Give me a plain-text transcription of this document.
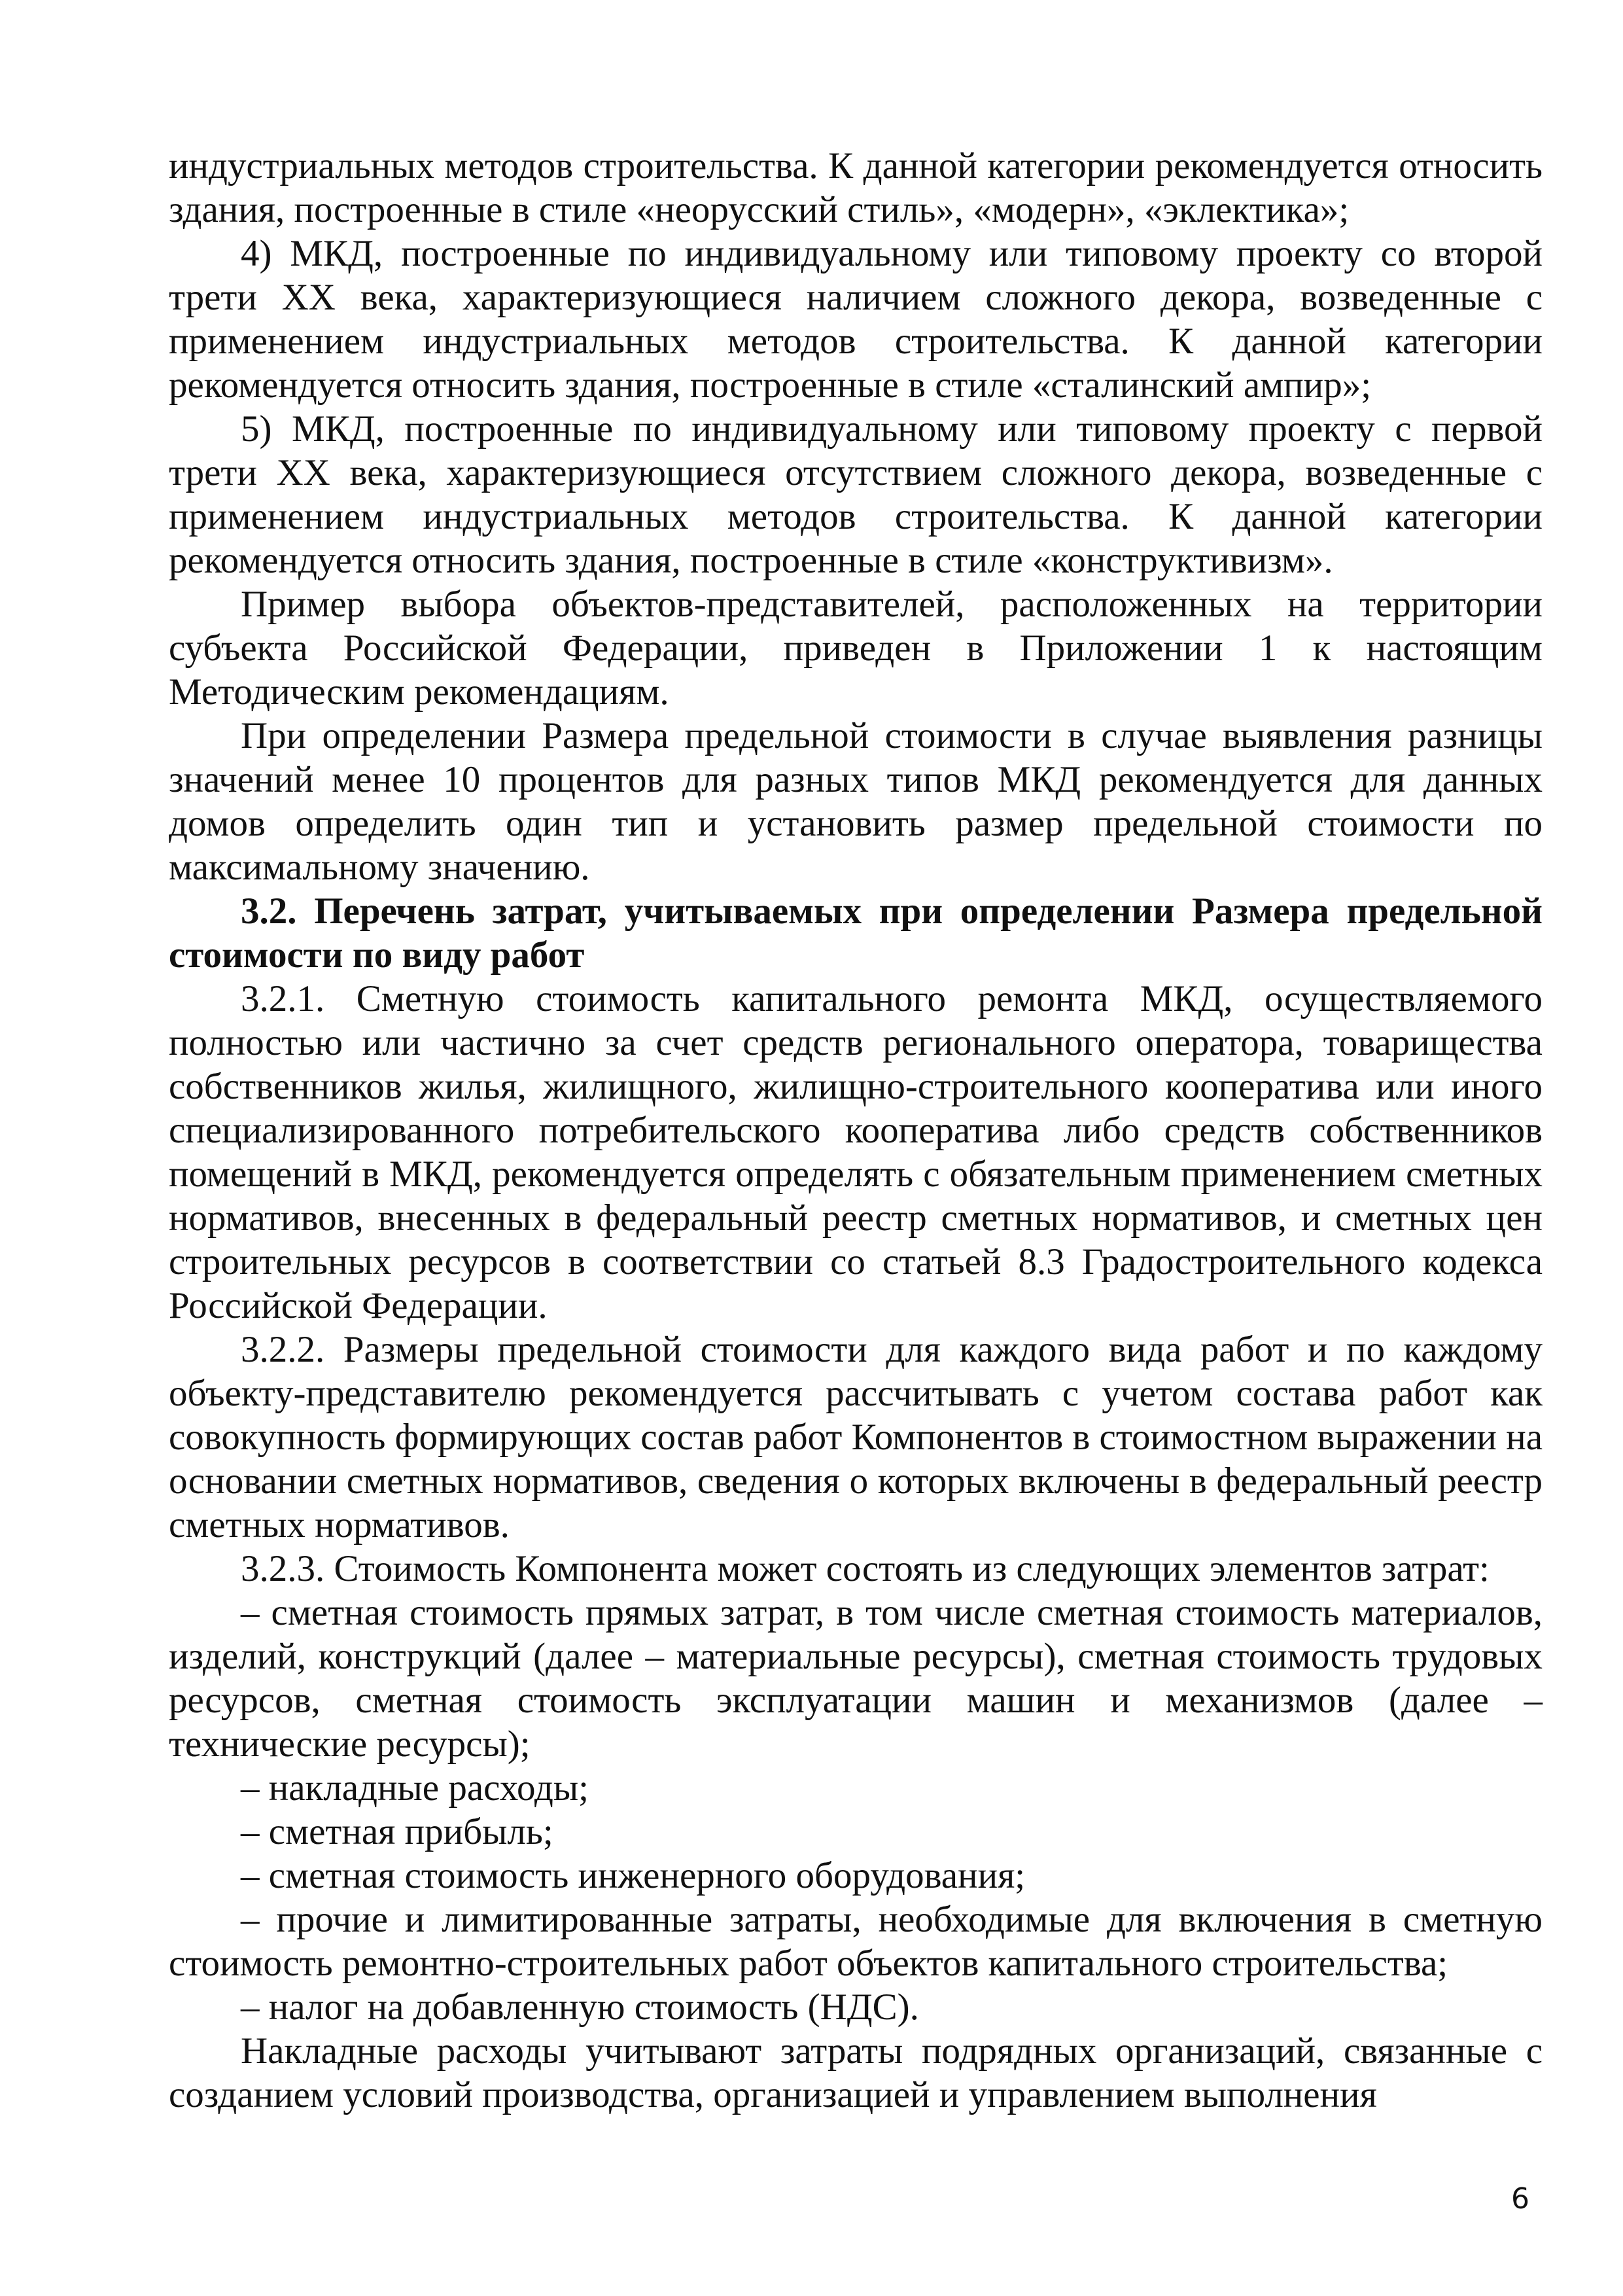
индустриальных методов строительства. К данной категории рекомендуется относить здания, построенные в стиле «неорусский стиль», «модерн», «эклектика»;

4) МКД, построенные по индивидуальному или типовому проекту со второй трети XX века, характеризующиеся наличием сложного декора, возведенные с применением индустриальных методов строительства. К данной категории рекомендуется относить здания, построенные в стиле «сталинский ампир»;

5) МКД, построенные по индивидуальному или типовому проекту с первой трети XX века, характеризующиеся отсутствием сложного декора, возведенные с применением индустриальных методов строительства. К данной категории рекомендуется относить здания, построенные в стиле «конструктивизм».

Пример выбора объектов-представителей, расположенных на территории субъекта Российской Федерации, приведен в Приложении 1 к настоящим Методическим рекомендациям.

При определении Размера предельной стоимости в случае выявления разницы значений менее 10 процентов для разных типов МКД рекомендуется для данных домов определить один тип и установить размер предельной стоимости по максимальному значению.

3.2. Перечень затрат, учитываемых при определении Размера предельной стоимости по виду работ

3.2.1. Сметную стоимость капитального ремонта МКД, осуществляемого полностью или частично за счет средств регионального оператора, товарищества собственников жилья, жилищного, жилищно-строительного кооператива или иного специализированного потребительского кооператива либо средств собственников помещений в МКД, рекомендуется определять с обязательным применением сметных нормативов, внесенных в федеральный реестр сметных нормативов, и сметных цен строительных ресурсов в соответствии со статьей 8.3 Градостроительного кодекса Российской Федерации.

3.2.2. Размеры предельной стоимости для каждого вида работ и по каждому объекту-представителю рекомендуется рассчитывать с учетом состава работ как совокупность формирующих состав работ Компонентов в стоимостном выражении на основании сметных нормативов, сведения о которых включены в федеральный реестр сметных нормативов.

3.2.3. Стоимость Компонента может состоять из следующих элементов затрат:

– сметная стоимость прямых затрат, в том числе сметная стоимость материалов, изделий, конструкций (далее – материальные ресурсы), сметная стоимость трудовых ресурсов, сметная стоимость эксплуатации машин и механизмов (далее – технические ресурсы);

– накладные расходы;

– сметная прибыль;

– сметная стоимость инженерного оборудования;

– прочие и лимитированные затраты, необходимые для включения в сметную стоимость ремонтно-строительных работ объектов капитального строительства;

– налог на добавленную стоимость (НДС).

Накладные расходы учитывают затраты подрядных организаций, связанные с созданием условий производства, организацией и управлением выполнения

6
